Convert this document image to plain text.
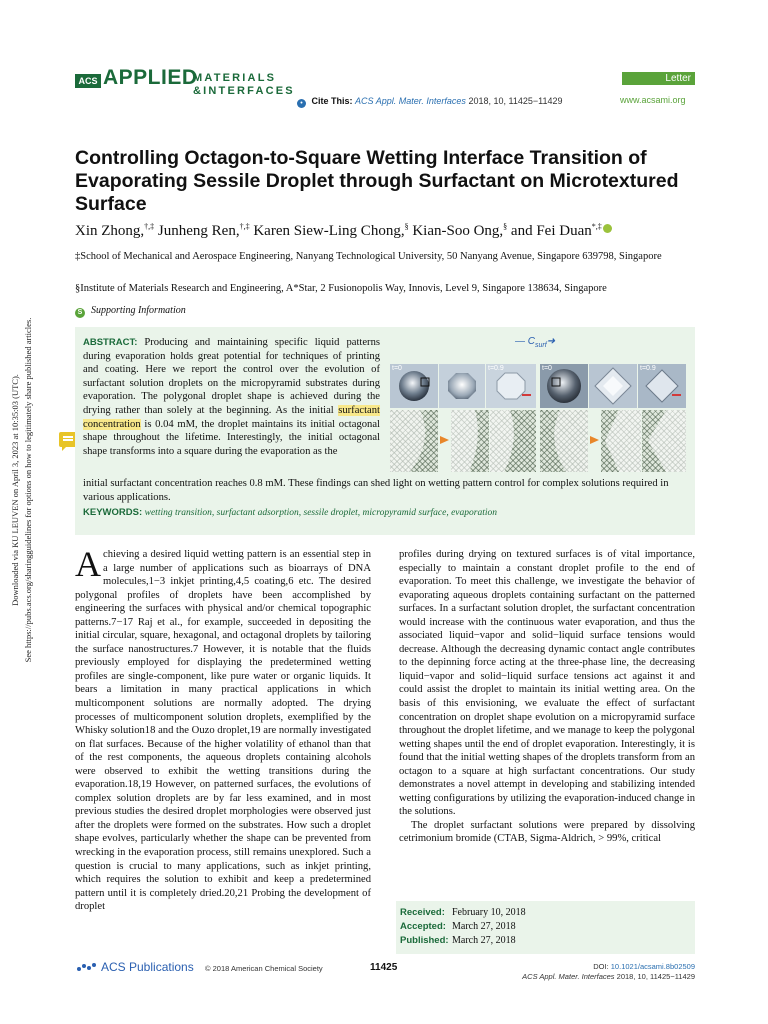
ACS APPLIED
MATERIALS
&INTERFACES
Letter
• Cite This: ACS Appl. Mater. Interfaces 2018, 10, 11425−11429	www.acsami.org
Downloaded via KU LEUVEN on April 3, 2023 at 10:35:03 (UTC). See https://pubs.acs.org/sharingguidelines for options on how to legitimately share published articles.
Controlling Octagon-to-Square Wetting Interface Transition of Evaporating Sessile Droplet through Surfactant on Microtextured Surface
Xin Zhong,†,‡ Junheng Ren,†,‡ Karen Siew-Ling Chong,§ Kian-Soo Ong,§ and Fei Duan*,‡
‡School of Mechanical and Aerospace Engineering, Nanyang Technological University, 50 Nanyang Avenue, Singapore 639798, Singapore
§Institute of Materials Research and Engineering, A*Star, 2 Fusionopolis Way, Innovis, Level 9, Singapore 138634, Singapore
S Supporting Information
ABSTRACT: Producing and maintaining specific liquid patterns during evaporation holds great potential for techniques of printing and coating. Here we report the control over the evolution of surfactant solution droplets on the micropyramid substrates during evaporation. The polygonal droplet shape is achieved during the drying rather than solely at the beginning. As the initial surfactant concentration is 0.04 mM, the droplet maintains its initial octagonal shape throughout the lifetime. Interestingly, the initial octagonal shape transforms into a square during the evaporation as the
initial surfactant concentration reaches 0.8 mM. These findings can shed light on wetting pattern control for complex solutions required in various applications.
KEYWORDS: wetting transition, surfactant adsorption, sessile droplet, micropyramid surface, evaporation
— $C_{surf}➜$
t=0	t=0.9	t=0	t=0.9

Achieving a desired liquid wetting pattern is an essential step in a large number of applications such as bioarrays of DNA molecules,1−3 inkjet printing,4,5 coating,6 etc. The desired polygonal profiles of droplets have been accomplished by engineering the surfaces with physical and/or chemical topographic patterns.7−17 Raj et al., for example, succeeded in depositing the initial circular, square, hexagonal, and octagonal droplets by tailoring the surface nanostructures.7 However, it is notable that the fluids previously employed for displaying the predetermined wetting profiles are single-component, like pure water or organic liquids. It bears a limitation in many practical applications in which multicomponent solutions are normally adopted. The drying processes of multicomponent solution droplets, exemplified by the Whisky solution18 and the Ouzo droplet,19 are normally investigated on flat surfaces. Because of the higher volatility of ethanol than that of the rest components, the aqueous droplets containing alcohols were observed to exhibit the wetting transitions during the evaporation.18,19 However, on patterned surfaces, the evolutions of complex solution droplets are by far less examined, and in most previous studies the desired droplet morphologies were observed just after the droplets were formed on the substrates. How such a droplet shape evolves, particularly whether the shape can be prevented from wrecking in the evaporation process, still remains unexplored. Such a question is crucial to many applications, such as inkjet printing, which requires the solution to exhibit and keep a predetermined pattern until it is completely dried.20,21 Probing the development of droplet

profiles during drying on textured surfaces is of vital importance, especially to maintain a constant droplet profile to the end of evaporation. To meet this challenge, we investigate the behavior of evaporating aqueous droplets containing surfactant on the patterned surfaces. In a surfactant solution droplet, the surfactant concentration would increase with the continuous water evaporation, and thus the associated liquid−vapor and solid−liquid surface tensions would decrease. Although the decreasing dynamic contact angle contributes to the depinning force acting at the three-phase line, the decreasing liquid−vapor and solid−liquid surface tensions act against it and could assist the droplet to maintain its initial wetting area. On the basis of this envisioning, we evaluate the effect of surfactant concentration on droplet shape evolution on a micropyramid surface throughout the droplet lifetime, and we manage to keep the polygonal wetting shapes until the end of droplet evaporation. Interestingly, it is found that the initial wetting shapes of the droplets transform from an octagon to a square at high surfactant concentrations. Our study demonstrates a novel attempt in developing and stabilizing intended wetting configurations by utilizing the evaporation-induced change in the solutions.

The droplet surfactant solutions were prepared by dissolving cetrimonium bromide (CTAB, Sigma-Aldrich, > 99%, critical

Received: February 10, 2018
Accepted: March 27, 2018
Published: March 27, 2018
ACS Publications © 2018 American Chemical Society	11425	DOI: 10.1021/acsami.8b02509
ACS Appl. Mater. Interfaces 2018, 10, 11425−11429
